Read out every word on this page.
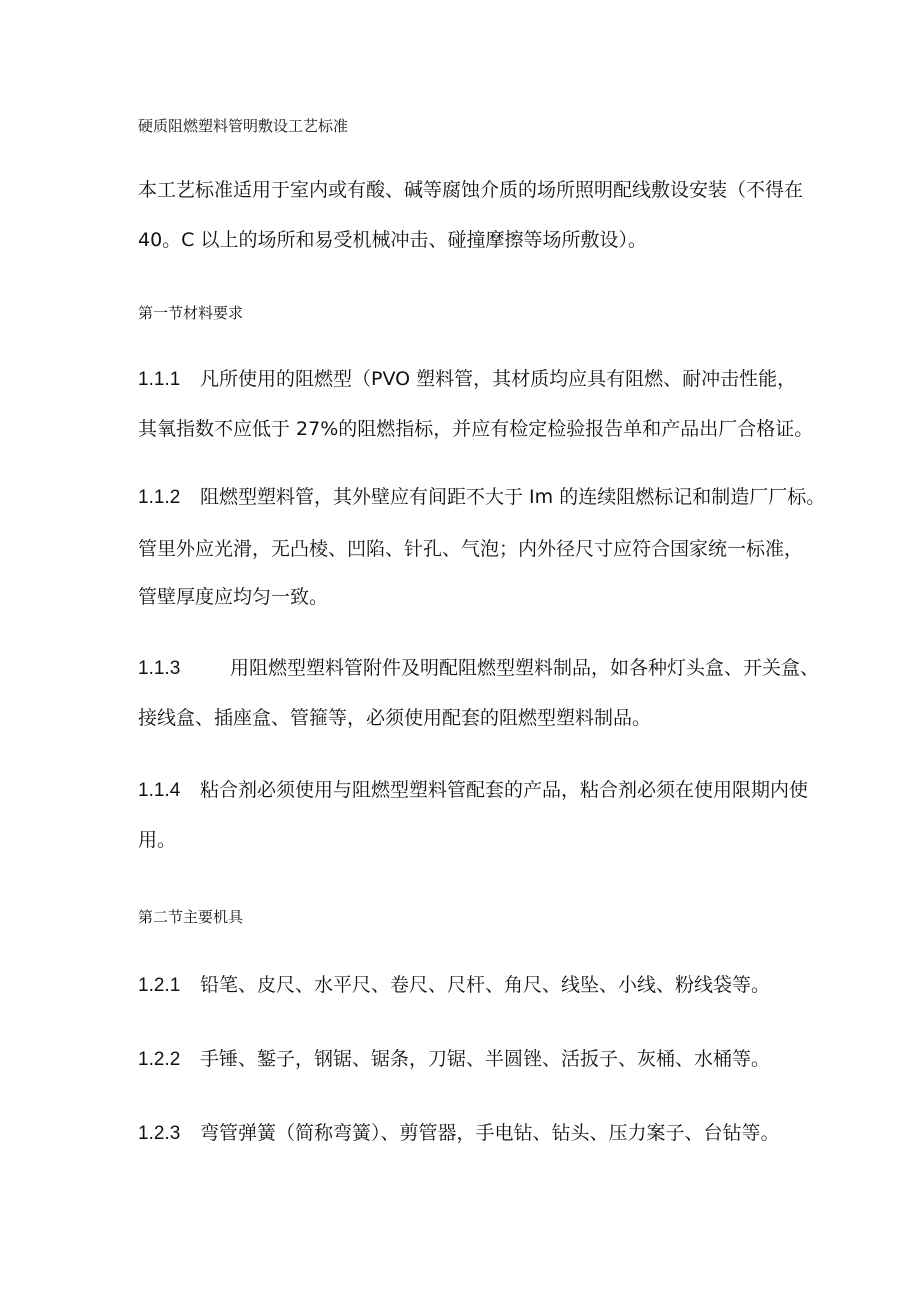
硬质阻燃塑料管明敷设工艺标准
本工艺标准适用于室内或有酸、碱等腐蚀介质的场所照明配线敷设安装（不得在
40。C 以上的场所和易受机械冲击、碰撞摩擦等场所敷设）。
第一节材料要求
1.1.1 凡所使用的阻燃型（PVO 塑料管，其材质均应具有阻燃、耐冲击性能，
其氧指数不应低于 27%的阻燃指标，并应有检定检验报告单和产品出厂合格证。
1.1.2 阻燃型塑料管，其外壁应有间距不大于 Im 的连续阻燃标记和制造厂厂标。
管里外应光滑，无凸棱、凹陷、针孔、气泡；内外径尺寸应符合国家统一标准，
管壁厚度应均匀一致。
1.1.3	用阻燃型塑料管附件及明配阻燃型塑料制品，如各种灯头盒、开关盒、
接线盒、插座盒、管箍等，必须使用配套的阻燃型塑料制品。
1.1.4 粘合剂必须使用与阻燃型塑料管配套的产品，粘合剂必须在使用限期内使
用。
第二节主要机具
1.2.1 铅笔、皮尺、水平尺、卷尺、尺杆、角尺、线坠、小线、粉线袋等。
1.2.2 手锤、錾子，钢锯、锯条，刀锯、半圆锉、活扳子、灰桶、水桶等。
1.2.3 弯管弹簧（简称弯簧）、剪管器，手电钻、钻头、压力案子、台钻等。
